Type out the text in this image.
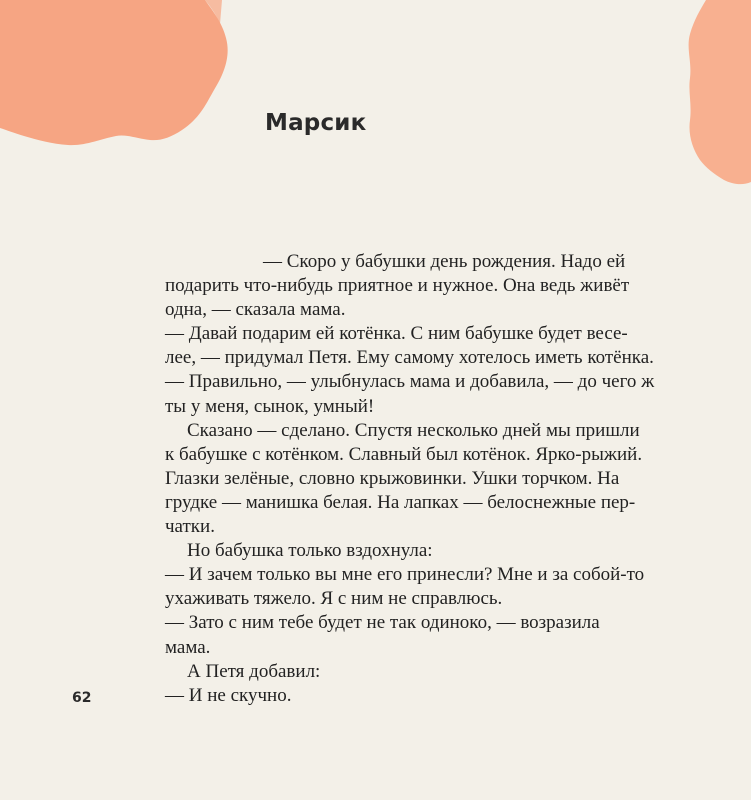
Марсик
— Скоро у бабушки день рождения. Надо ей
подарить что-нибудь приятное и нужное. Она ведь живёт
одна, — сказала мама.
— Давай подарим ей котёнка. С ним бабушке будет весе-
лее, — придумал Петя. Ему самому хотелось иметь котёнка.
— Правильно, — улыбнулась мама и добавила, — до чего ж
ты у меня, сынок, умный!
Сказано — сделано. Спустя несколько дней мы пришли
к бабушке с котёнком. Славный был котёнок. Ярко-рыжий.
Глазки зелёные, словно крыжовинки. Ушки торчком. На
грудке — манишка белая. На лапках — белоснежные пер-
чатки.
Но бабушка только вздохнула:
— И зачем только вы мне его принесли? Мне и за собой-то
ухаживать тяжело. Я с ним не справлюсь.
— Зато с ним тебе будет не так одиноко, — возразила
мама.
А Петя добавил:
— И не скучно.
62
